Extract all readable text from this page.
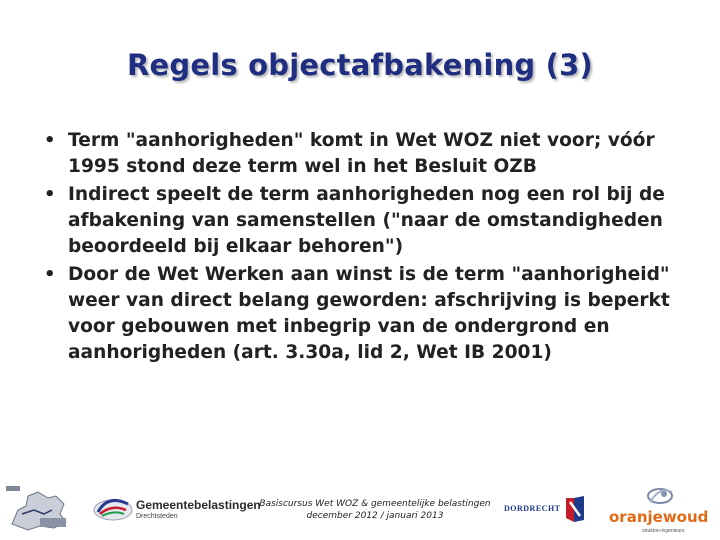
Regels objectafbakening (3)
• Term "aanhorigheden" komt in Wet WOZ niet voor; vóór 1995 stond deze term wel in het Besluit OZB
• Indirect speelt de term aanhorigheden nog een rol bij de afbakening van samenstellen ("naar de omstandigheden beoordeeld bij elkaar behoren")
• Door de Wet Werken aan winst is de term "aanhorigheid" weer van direct belang geworden: afschrijving is beperkt voor gebouwen met inbegrip van de ondergrond en aanhorigheden (art. 3.30a, lid 2, Wet IB 2001)
Gemeentebelastingen
Drechtsteden
Basiscursus Wet WOZ & gemeentelijke belastingen
december 2012 / januari 2013
DORDRECHT	oranjewoud
strukton-ingenieurs
